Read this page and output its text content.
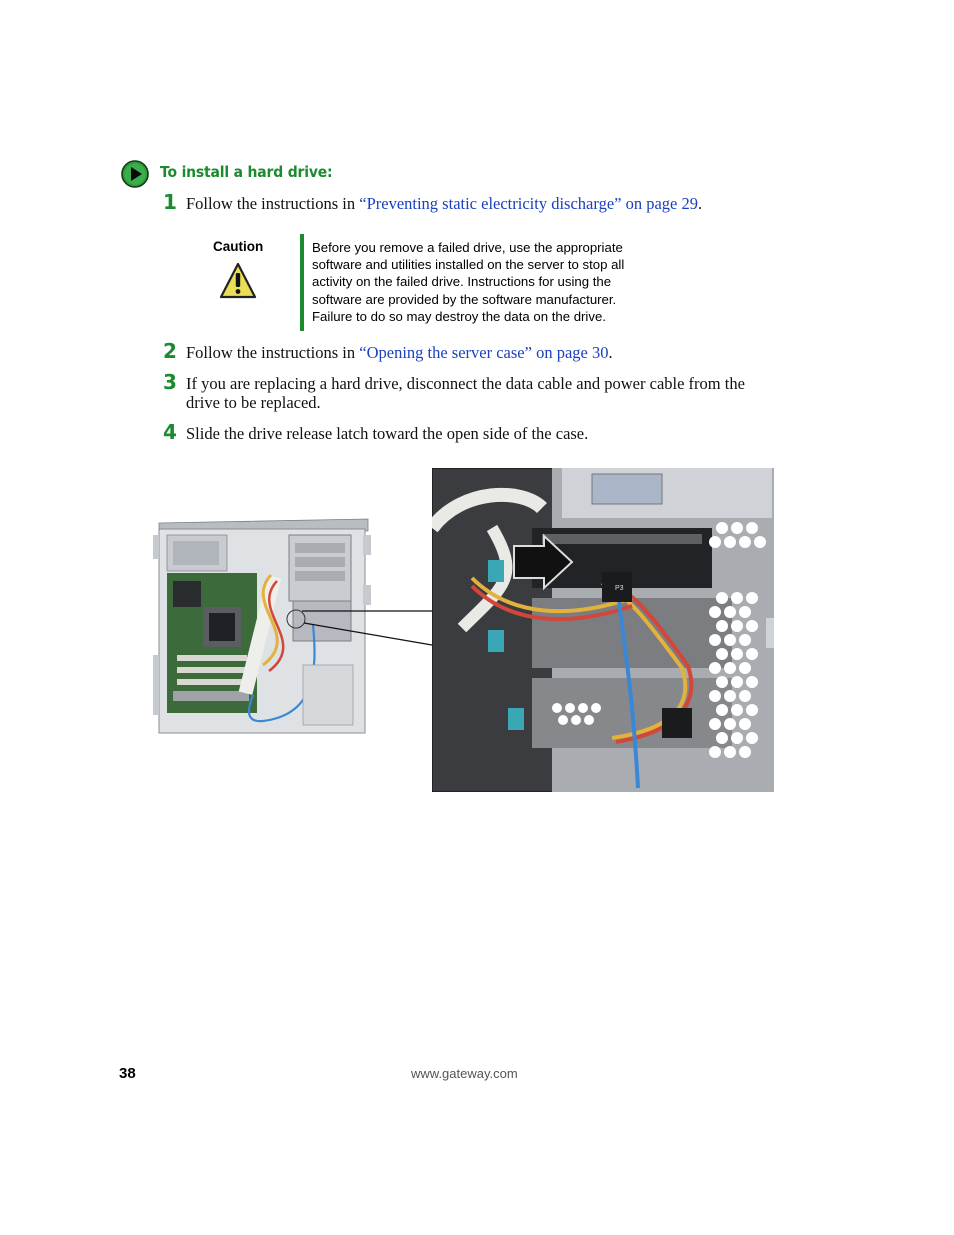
To install a hard drive:
1 Follow the instructions in “Preventing static electricity discharge” on page 29.
Caution	Before you remove a failed drive, use the appropriate
software and utilities installed on the server to stop all
activity on the failed drive. Instructions for using the
software are provided by the software manufacturer.
Failure to do so may destroy the data on the drive.
2 Follow the instructions in “Opening the server case” on page 30.
3 If you are replacing a hard drive, disconnect the data cable and power cable from the
drive to be replaced.
4 Slide the drive release latch toward the open side of the case.
P3
38	www.gateway.com
